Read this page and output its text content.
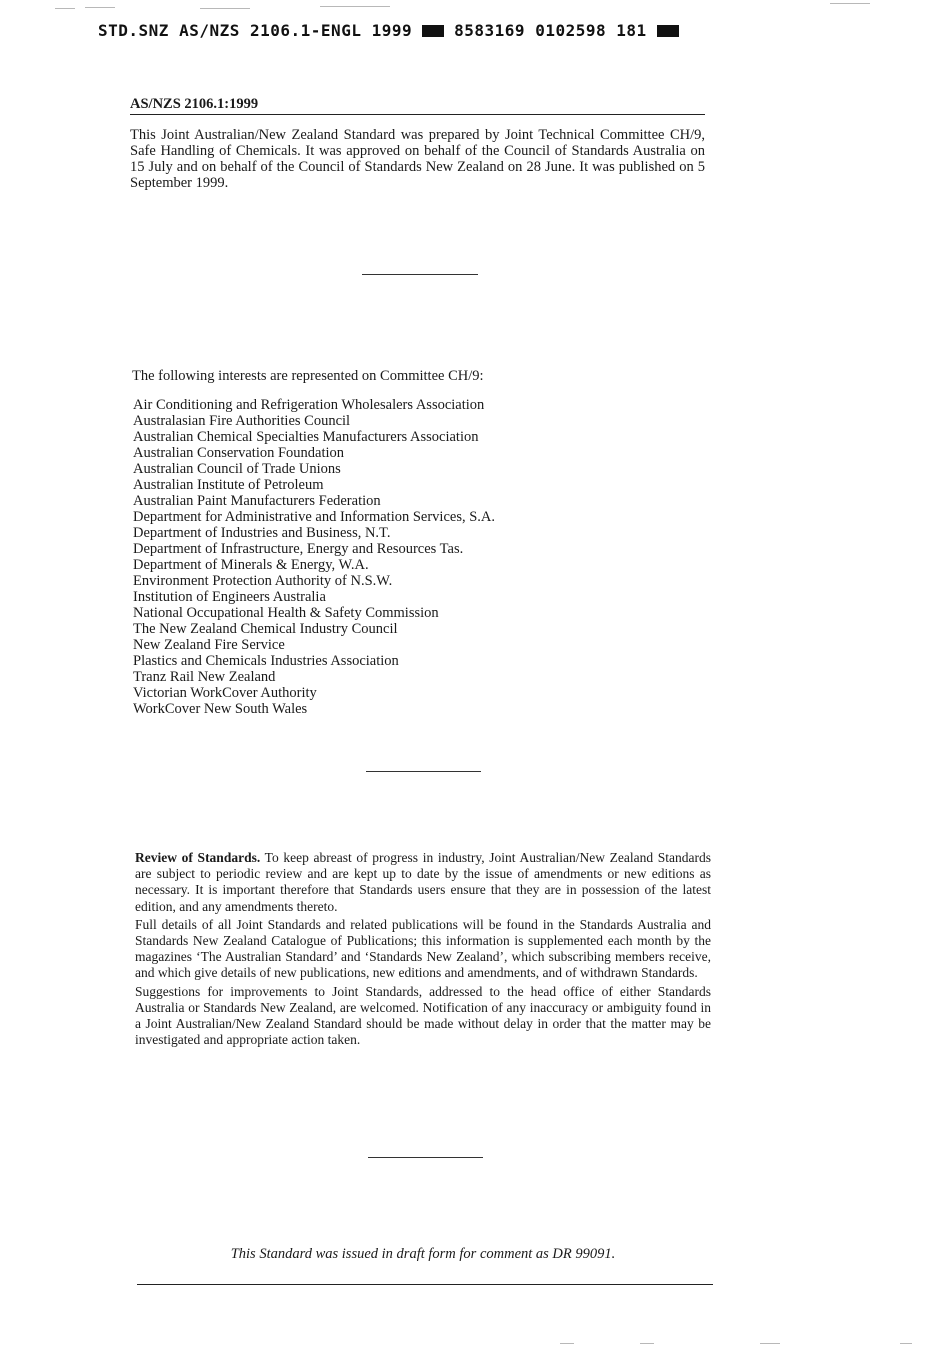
STD.SNZ AS/NZS 2106.1-ENGL 1999	8583169 0102598 181
AS/NZS 2106.1:1999
This Joint Australian/New Zealand Standard was prepared by Joint Technical Committee CH/9, Safe Handling of Chemicals. It was approved on behalf of the Council of Standards Australia on 15 July and on behalf of the Council of Standards New Zealand on 28 June. It was published on 5 September 1999.
The following interests are represented on Committee CH/9:
Air Conditioning and Refrigeration Wholesalers Association
Australasian Fire Authorities Council
Australian Chemical Specialties Manufacturers Association
Australian Conservation Foundation
Australian Council of Trade Unions
Australian Institute of Petroleum
Australian Paint Manufacturers Federation
Department for Administrative and Information Services, S.A.
Department of Industries and Business, N.T.
Department of Infrastructure, Energy and Resources Tas.
Department of Minerals & Energy, W.A.
Environment Protection Authority of N.S.W.
Institution of Engineers Australia
National Occupational Health & Safety Commission
The New Zealand Chemical Industry Council
New Zealand Fire Service
Plastics and Chemicals Industries Association
Tranz Rail New Zealand
Victorian WorkCover Authority
WorkCover New South Wales

Review of Standards. To keep abreast of progress in industry, Joint Australian/New Zealand Standards are subject to periodic review and are kept up to date by the issue of amendments or new editions as necessary. It is important therefore that Standards users ensure that they are in possession of the latest edition, and any amendments thereto.

Full details of all Joint Standards and related publications will be found in the Standards Australia and Standards New Zealand Catalogue of Publications; this information is supplemented each month by the magazines ‘The Australian Standard’ and ‘Standards New Zealand’, which subscribing members receive, and which give details of new publications, new editions and amendments, and of withdrawn Standards.

Suggestions for improvements to Joint Standards, addressed to the head office of either Standards Australia or Standards New Zealand, are welcomed. Notification of any inaccuracy or ambiguity found in a Joint Australian/New Zealand Standard should be made without delay in order that the matter may be investigated and appropriate action taken.

This Standard was issued in draft form for comment as DR 99091.
